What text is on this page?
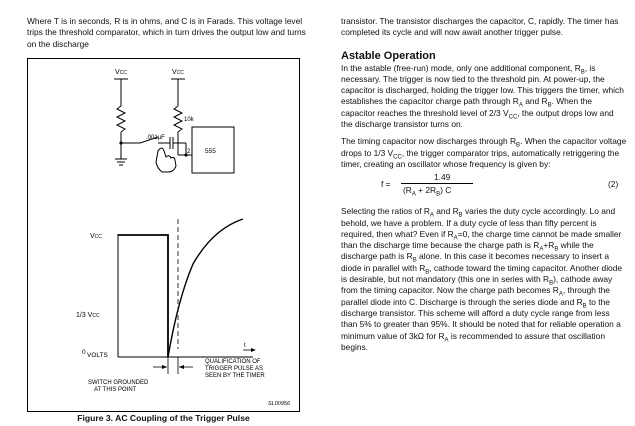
Where T is in seconds, R is in ohms, and C is in Farads. This voltage level trips the threshold comparator, which in turn drives the output low and turns on the discharge

VCC	VCC
10k
.001µF
2 555
VCC
1/3 VCC
0 VOLTS
t
QUALIFICATION OF
TRIGGER PULSE AS
SEEN BY THE TIMER
SWITCH GROUNDED
AT THIS POINT
SL00956
Figure 3. AC Coupling of the Trigger Pulse

transistor. The transistor discharges the capacitor, C, rapidly. The timer has completed its cycle and will now await another trigger pulse.

Astable Operation

In the astable (free-run) mode, only one additional component, $R_B$, is necessary. The trigger is now tied to the threshold pin. At power-up, the capacitor is discharged, holding the trigger low. This triggers the timer, which establishes the capacitor charge path through $R_A$ and $R_B$. When the capacitor reaches the threshold level of 2/3 $V_{CC}$, the output drops low and the discharge transistor turns on.

The timing capacitor now discharges through $R_B$. When the capacitor voltage drops to 1/3 $V_{CC}$, the trigger comparator trips, automatically retriggering the timer, creating an oscillator whose frequency is given by:

f =
1.49
$(R_A + 2R_B)$ C
(2)

Selecting the ratios of $R_A$ and $R_B$ varies the duty cycle accordingly. Lo and behold, we have a problem. If a duty cycle of less than fifty percent is required, then what? Even if $R_A=0$, the charge time cannot be made smaller than the discharge time because the charge path is $R_A+R_B$ while the discharge path is $R_B$ alone. In this case it becomes necessary to insert a diode in parallel with $R_B$, cathode toward the timing capacitor. Another diode is desirable, but not mandatory (this one in series with $R_B$), cathode away from the timing capacitor. Now the charge path becomes $R_A$, through the parallel diode into C. Discharge is through the series diode and $R_B$ to the discharge transistor. This scheme will afford a duty cycle range from less than 5% to greater than 95%. It should be noted that for reliable operation a minimum value of 3kΩ for $R_A$ is recommended to assure that oscillation begins.
